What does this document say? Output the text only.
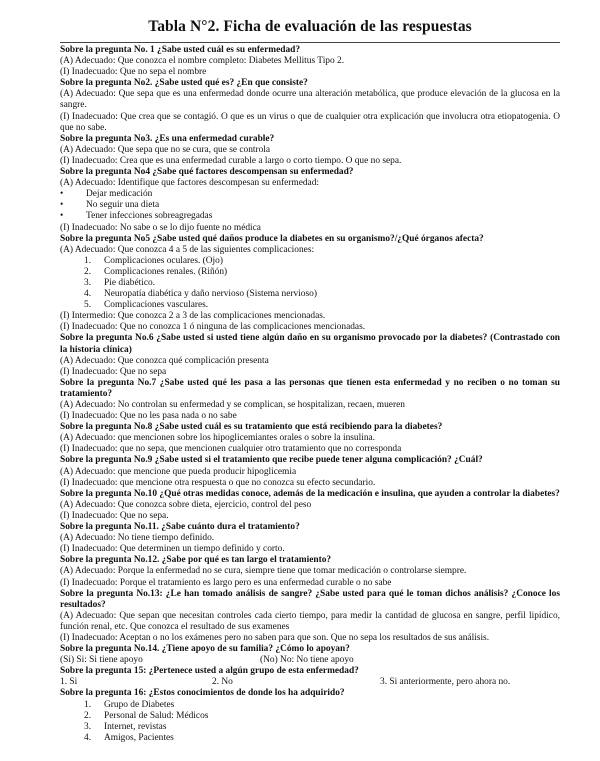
Tabla N°2. Ficha de evaluación de las respuestas
Sobre la pregunta No. 1 ¿Sabe usted cuál es su enfermedad?
(A) Adecuado: Que conozca el nombre completo: Diabetes Mellitus Tipo 2.
(I) Inadecuado: Que no sepa el nombre
Sobre la pregunta No2. ¿Sabe usted qué es? ¿En que consiste?
(A) Adecuado: Que sepa que es una enfermedad donde ocurre una alteración metabólica, que produce elevación de la glucosa en la sangre.
(I) Inadecuado: Que crea que se contagió. O que es un virus o que de cualquier otra explicación que involucra otra etiopatogenia. O que no sabe.
Sobre la pregunta No3. ¿Es una enfermedad curable?
(A) Adecuado: Que sepa que no se cura, que se controla
(I) Inadecuado: Crea que es una enfermedad curable a largo o corto tiempo. O que no sepa.
Sobre la pregunta No4 ¿Sabe qué factores descompensan su enfermedad?
(A) Adecuado: Identifique que factores descompesan su enfermedad:
• Dejar medicación
• No seguir una dieta
• Tener infecciones sobreagregadas
(I) Inadecuado: No sabe o se lo dijo fuente no médica
Sobre la pregunta No5 ¿Sabe usted qué daños produce la diabetes en su organismo?/¿Qué órganos afecta?
(A) Adecuado: Que conozca 4 a 5 de las siguientes complicaciones:
1. Complicaciones oculares. (Ojo)
2. Complicaciones renales. (Riñón)
3. Pie diabético.
4. Neuropatía diabética y daño nervioso (Sistema nervioso)
5. Complicaciones vasculares.
(I) Intermedio: Que conozca 2 a 3 de las complicaciones mencionadas.
(I) Inadecuado: Que no conozca 1 ó ninguna de las complicaciones mencionadas.
Sobre la pregunta No.6 ¿Sabe usted si usted tiene algún daño en su organismo provocado por la diabetes? (Contrastado con la historia clínica)
(A) Adecuado: Que conozca qué complicación presenta
(I) Inadecuado: Que no sepa
Sobre la pregunta No.7 ¿Sabe usted qué les pasa a las personas que tienen esta enfermedad y no reciben o no toman su tratamiento?
(A) Adecuado: No controlan su enfermedad y se complican, se hospitalizan, recaen, mueren
(I) Inadecuado: Que no les pasa nada o no sabe
Sobre la pregunta No.8 ¿Sabe usted cuál es su tratamiento que está recibiendo para la diabetes?
(A) Adecuado: que mencionen sobre los hipoglicemiantes orales o sobre la insulina.
(I) Inadecuado: que no sepa, que mencionen cualquier otro tratamiento que no corresponda
Sobre la pregunta No.9 ¿Sabe usted si el tratamiento que recibe puede tener alguna complicación? ¿Cuál?
(A) Adecuado: que mencione que pueda producir hipoglicemia
(I) Inadecuado: que mencione otra respuesta o que no conozca su efecto secundario.
Sobre la pregunta No.10 ¿Qué otras medidas conoce, además de la medicación e insulina, que ayuden a controlar la diabetes?
(A) Adecuado: Que conozca sobre dieta, ejercicio, control del peso
(I) Inadecuado: Que no sepa.
Sobre la pregunta No.11. ¿Sabe cuánto dura el tratamiento?
(A) Adecuado: No tiene tiempo definido.
(I) Inadecuado: Que determinen un tiempo definido y corto.
Sobre la pregunta No.12. ¿Sabe por qué es tan largo el tratamiento?
(A) Adecuado: Porque la enfermedad no se cura, siempre tiene que tomar medicación o controlarse siempre.
(I) Inadecuado: Porque el tratamiento es largo pero es una enfermedad curable o no sabe
Sobre la pregunta No.13: ¿Le han tomado análisis de sangre? ¿Sabe usted para qué le toman dichos análisis? ¿Conoce los resultados?
(A) Adecuado: Que sepan que necesitan controles cada cierto tiempo, para medir la cantidad de glucosa en sangre, perfil lipídico, función renal, etc. Que conozca el resultado de sus examenes
(I) Inadecuado: Aceptan o no los exámenes pero no saben para que son. Que no sepa los resultados de sus análisis.
Sobre la pregunta No.14. ¿Tiene apoyo de su familia? ¿Cómo lo apoyan?
(Si) Si: Si tiene apoyo	(No) No: No tiene apoyo
Sobre la pregunta 15: ¿Pertenece usted a algún grupo de esta enfermedad?
1. Si	2. No	3. Si anteriormente, pero ahora no.
Sobre la pregunta 16: ¿Estos conocimientos de donde los ha adquirido?
1. Grupo de Diabetes
2. Personal de Salud: Médicos
3. Internet, revistas
4. Amigos, Pacientes
